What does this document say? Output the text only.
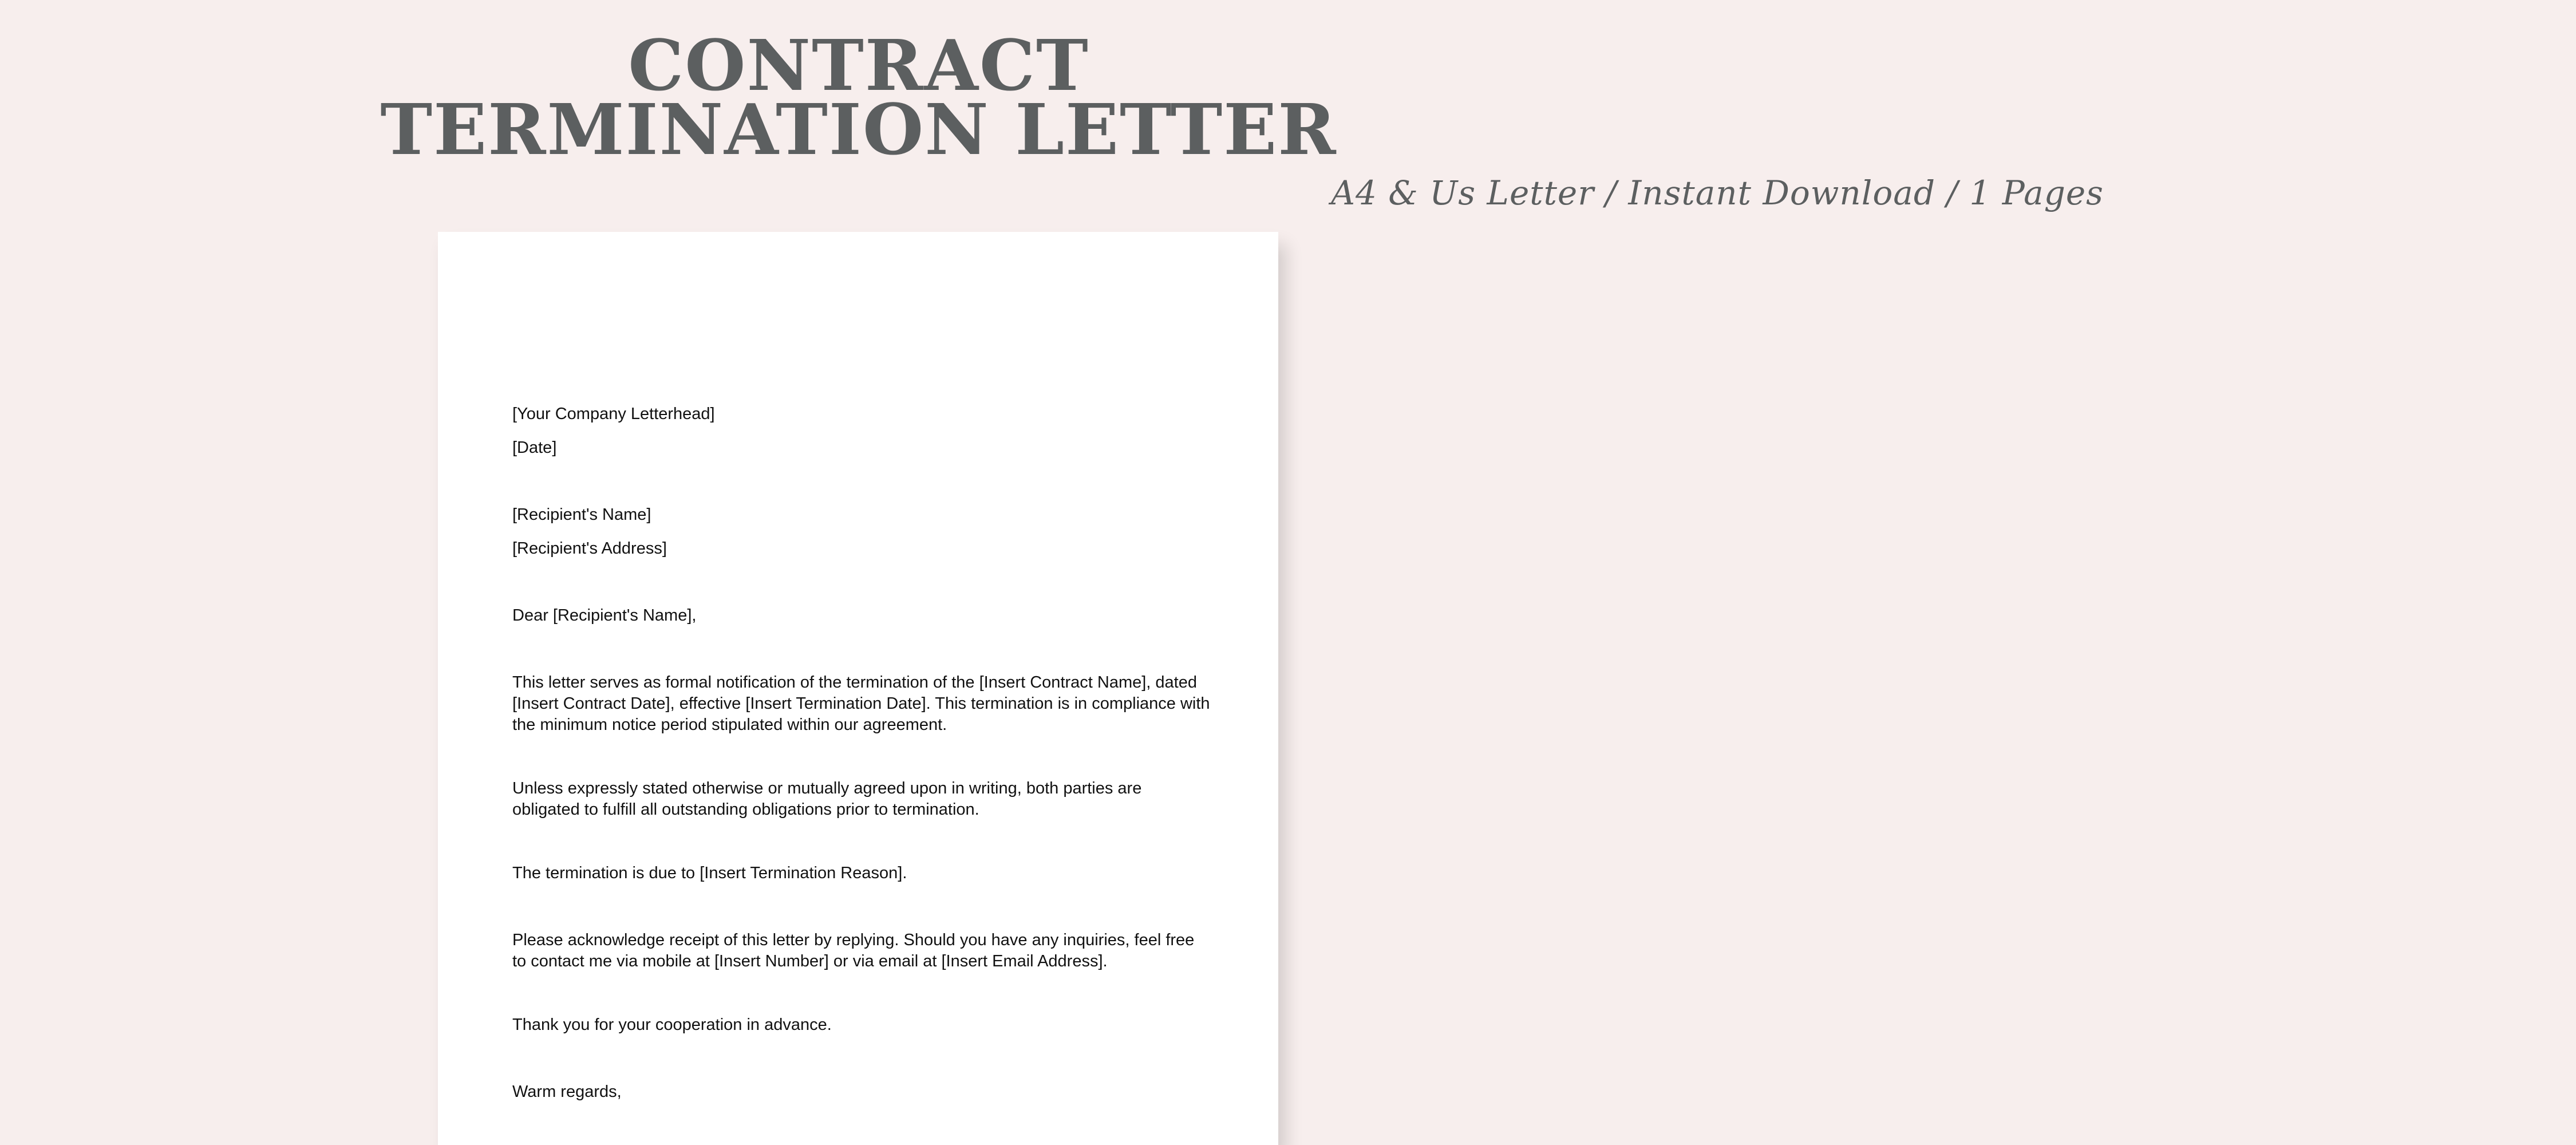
CONTRACT
TERMINATION LETTER
A4 & Us Letter / Instant Download / 1 Pages

[Your Company Letterhead]

[Date]

[Recipient's Name]

[Recipient's Address]

Dear [Recipient's Name],

This letter serves as formal notification of the termination of the [Insert Contract Name], dated [Insert Contract Date], effective [Insert Termination Date]. This termination is in compliance with the minimum notice period stipulated within our agreement.

Unless expressly stated otherwise or mutually agreed upon in writing, both parties are obligated to fulfill all outstanding obligations prior to termination.

The termination is due to [Insert Termination Reason].

Please acknowledge receipt of this letter by replying. Should you have any inquiries, feel free to contact me via mobile at [Insert Number] or via email at [Insert Email Address].

Thank you for your cooperation in advance.

Warm regards,
